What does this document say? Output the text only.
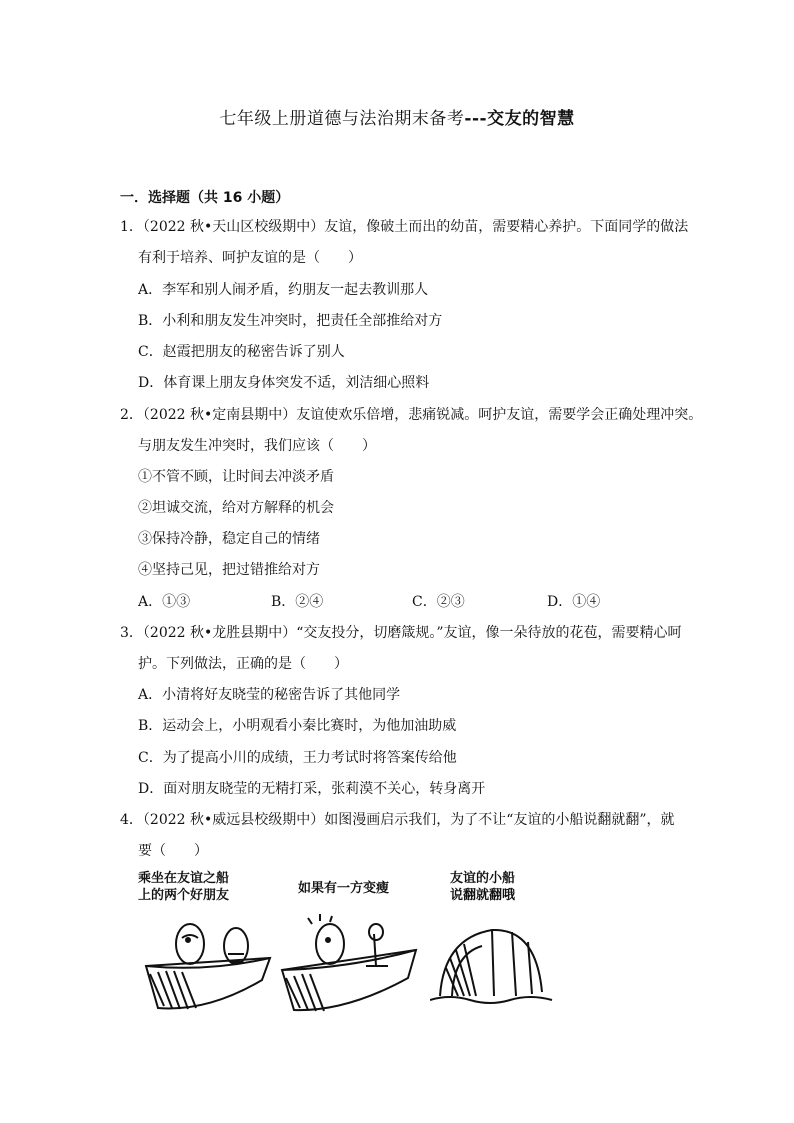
七年级上册道德与法治期末备考---交友的智慧
一．选择题（共 16 小题）
1．（2022 秋•天山区校级期中）友谊，像破土而出的幼苗，需要精心养护。下面同学的做法
有利于培养、呵护友谊的是（　　）
A．李军和别人闹矛盾，约朋友一起去教训那人
B．小利和朋友发生冲突时，把责任全部推给对方
C．赵霞把朋友的秘密告诉了别人
D．体育课上朋友身体突发不适，刘洁细心照料
2．（2022 秋•定南县期中）友谊使欢乐倍增，悲痛锐减。呵护友谊，需要学会正确处理冲突。
与朋友发生冲突时，我们应该（　　）
①不管不顾，让时间去冲淡矛盾
②坦诚交流，给对方解释的机会
③保持冷静，稳定自己的情绪
④坚持己见，把过错推给对方
A．①③	B．②④	C．②③	D．①④
3．（2022 秋•龙胜县期中）“交友投分，切磨箴规。”友谊，像一朵待放的花苞，需要精心呵
护。下列做法，正确的是（　　）
A．小清将好友晓莹的秘密告诉了其他同学
B．运动会上，小明观看小秦比赛时，为他加油助威
C．为了提高小川的成绩，王力考试时将答案传给他
D．面对朋友晓莹的无精打采，张莉漠不关心，转身离开
4．（2022 秋•威远县校级期中）如图漫画启示我们，为了不让“友谊的小船说翻就翻”，就
要（　　）
乘坐在友谊之船
上的两个好朋友	如果有一方变瘦
友谊的小船
说翻就翻哦
